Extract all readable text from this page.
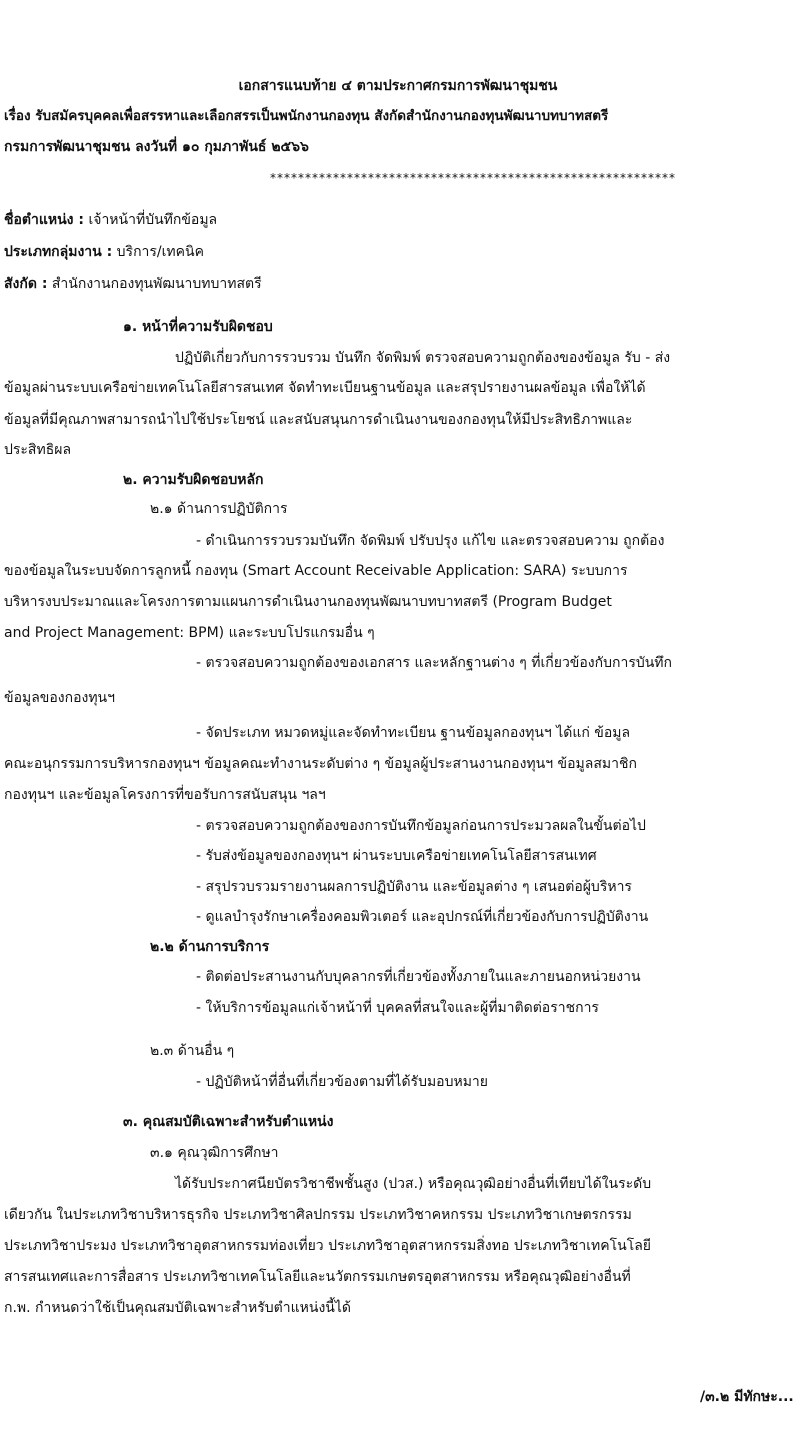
เอกสารแนบท้าย ๔ ตามประกาศกรมการพัฒนาชุมชน
เรื่อง รับสมัครบุคคลเพื่อสรรหาและเลือกสรรเป็นพนักงานกองทุน สังกัดสำนักงานกองทุนพัฒนาบทบาทสตรี
กรมการพัฒนาชุมชน ลงวันที่ ๑๐ กุมภาพันธ์ ๒๕๖๖
**********************************************************
ชื่อตำแหน่ง : เจ้าหน้าที่บันทึกข้อมูล
ประเภทกลุ่มงาน : บริการ/เทคนิค
สังกัด : สำนักงานกองทุนพัฒนาบทบาทสตรี
๑. หน้าที่ความรับผิดชอบ
ปฏิบัติเกี่ยวกับการรวบรวม บันทึก จัดพิมพ์ ตรวจสอบความถูกต้องของข้อมูล รับ - ส่ง
ข้อมูลผ่านระบบเครือข่ายเทคโนโลยีสารสนเทศ จัดทำทะเบียนฐานข้อมูล และสรุปรายงานผลข้อมูล เพื่อให้ได้
ข้อมูลที่มีคุณภาพสามารถนำไปใช้ประโยชน์ และสนับสนุนการดำเนินงานของกองทุนให้มีประสิทธิภาพและ
ประสิทธิผล
๒. ความรับผิดชอบหลัก
๒.๑ ด้านการปฏิบัติการ
- ดำเนินการรวบรวมบันทึก จัดพิมพ์ ปรับปรุง แก้ไข และตรวจสอบความ ถูกต้อง
ของข้อมูลในระบบจัดการลูกหนี้ กองทุน (Smart Account Receivable Application: SARA) ระบบการ
บริหารงบประมาณและโครงการตามแผนการดำเนินงานกองทุนพัฒนาบทบาทสตรี (Program Budget
and Project Management: BPM) และระบบโปรแกรมอื่น ๆ
- ตรวจสอบความถูกต้องของเอกสาร และหลักฐานต่าง ๆ ที่เกี่ยวข้องกับการบันทึก
ข้อมูลของกองทุนฯ
- จัดประเภท หมวดหมู่และจัดทำทะเบียน ฐานข้อมูลกองทุนฯ ได้แก่ ข้อมูล
คณะอนุกรรมการบริหารกองทุนฯ ข้อมูลคณะทำงานระดับต่าง ๆ ข้อมูลผู้ประสานงานกองทุนฯ ข้อมูลสมาชิก
กองทุนฯ และข้อมูลโครงการที่ขอรับการสนับสนุน ฯลฯ
- ตรวจสอบความถูกต้องของการบันทึกข้อมูลก่อนการประมวลผลในขั้นต่อไป
- รับส่งข้อมูลของกองทุนฯ ผ่านระบบเครือข่ายเทคโนโลยีสารสนเทศ
- สรุปรวบรวมรายงานผลการปฏิบัติงาน และข้อมูลต่าง ๆ เสนอต่อผู้บริหาร
- ดูแลบำรุงรักษาเครื่องคอมพิวเตอร์ และอุปกรณ์ที่เกี่ยวข้องกับการปฏิบัติงาน
๒.๒ ด้านการบริการ
- ติดต่อประสานงานกับบุคลากรที่เกี่ยวข้องทั้งภายในและภายนอกหน่วยงาน
- ให้บริการข้อมูลแก่เจ้าหน้าที่ บุคคลที่สนใจและผู้ที่มาติดต่อราชการ
๒.๓ ด้านอื่น ๆ
- ปฏิบัติหน้าที่อื่นที่เกี่ยวข้องตามที่ได้รับมอบหมาย
๓. คุณสมบัติเฉพาะสำหรับตำแหน่ง
๓.๑ คุณวุฒิการศึกษา
ได้รับประกาศนียบัตรวิชาชีพชั้นสูง (ปวส.) หรือคุณวุฒิอย่างอื่นที่เทียบได้ในระดับ
เดียวกัน ในประเภทวิชาบริหารธุรกิจ ประเภทวิชาศิลปกรรม ประเภทวิชาคหกรรม ประเภทวิชาเกษตรกรรม
ประเภทวิชาประมง ประเภทวิชาอุตสาหกรรมท่องเที่ยว ประเภทวิชาอุตสาหกรรมสิ่งทอ ประเภทวิชาเทคโนโลยี
สารสนเทศและการสื่อสาร ประเภทวิชาเทคโนโลยีและนวัตกรรมเกษตรอุตสาหกรรม หรือคุณวุฒิอย่างอื่นที่
ก.พ. กำหนดว่าใช้เป็นคุณสมบัติเฉพาะสำหรับตำแหน่งนี้ได้
/๓.๒ มีทักษะ...
